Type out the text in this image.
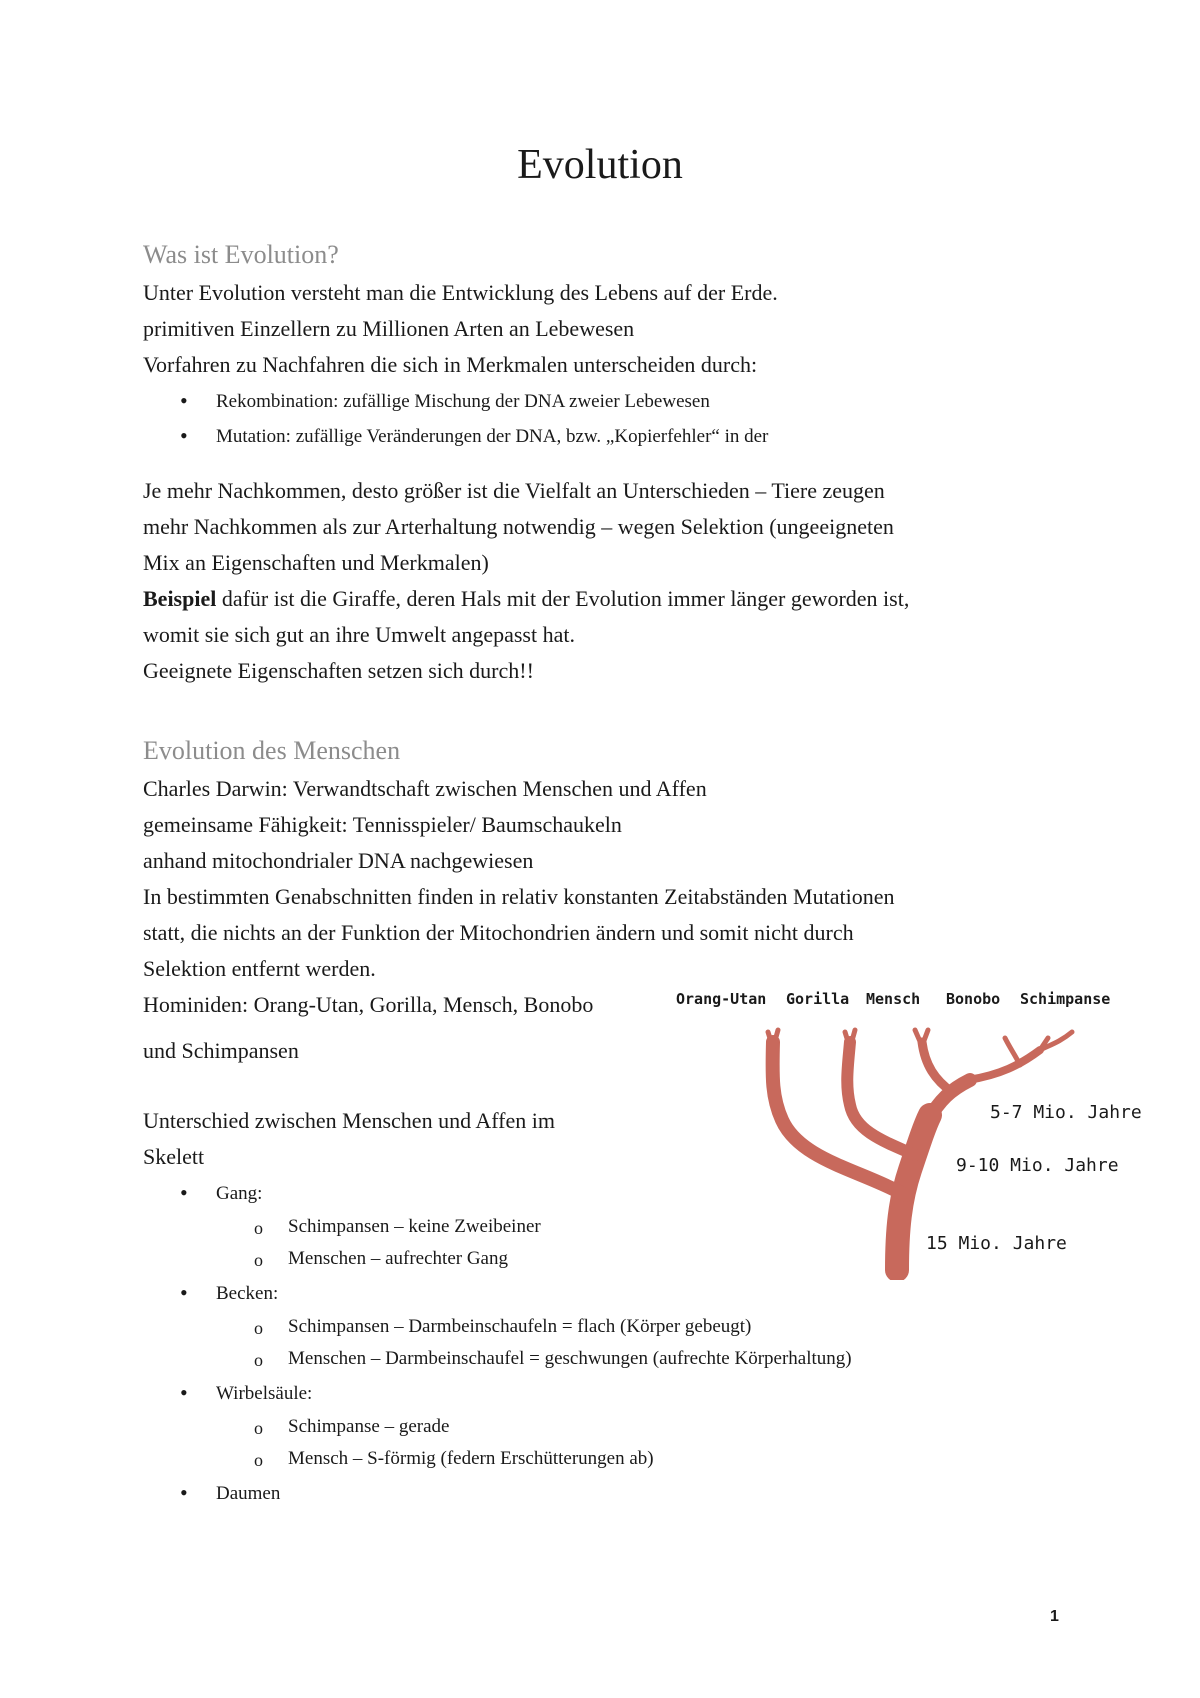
Evolution
Was ist Evolution?
Unter Evolution versteht man die Entwicklung des Lebens auf der Erde.
primitiven Einzellern zu Millionen Arten an Lebewesen
Vorfahren zu Nachfahren die sich in Merkmalen unterscheiden durch:
• Rekombination: zufällige Mischung der DNA zweier Lebewesen
• Mutation: zufällige Veränderungen der DNA, bzw. „Kopierfehler“ in der
Je mehr Nachkommen, desto größer ist die Vielfalt an Unterschieden – Tiere zeugen
mehr Nachkommen als zur Arterhaltung notwendig – wegen Selektion (ungeeigneten
Mix an Eigenschaften und Merkmalen)
Beispiel dafür ist die Giraffe, deren Hals mit der Evolution immer länger geworden ist,
womit sie sich gut an ihre Umwelt angepasst hat.
Geeignete Eigenschaften setzen sich durch!!
Evolution des Menschen
Charles Darwin: Verwandtschaft zwischen Menschen und Affen
gemeinsame Fähigkeit: Tennisspieler/ Baumschaukeln
anhand mitochondrialer DNA nachgewiesen
In bestimmten Genabschnitten finden in relativ konstanten Zeitabständen Mutationen
statt, die nichts an der Funktion der Mitochondrien ändern und somit nicht durch
Selektion entfernt werden.
Hominiden: Orang-Utan, Gorilla, Mensch, Bonobo
und Schimpansen
Unterschied zwischen Menschen und Affen im
Skelett
• Gang:
o Schimpansen – keine Zweibeiner
o Menschen – aufrechter Gang
• Becken:
o Schimpansen – Darmbeinschaufeln = flach (Körper gebeugt)
o Menschen – Darmbeinschaufel = geschwungen (aufrechte Körperhaltung)
• Wirbelsäule:
o Schimpanse – gerade
o Mensch – S-förmig (federn Erschütterungen ab)
• Daumen
Orang-Utan Gorilla Mensch Bonobo Schimpanse
5-7 Mio. Jahre
9-10 Mio. Jahre
15 Mio. Jahre
1
